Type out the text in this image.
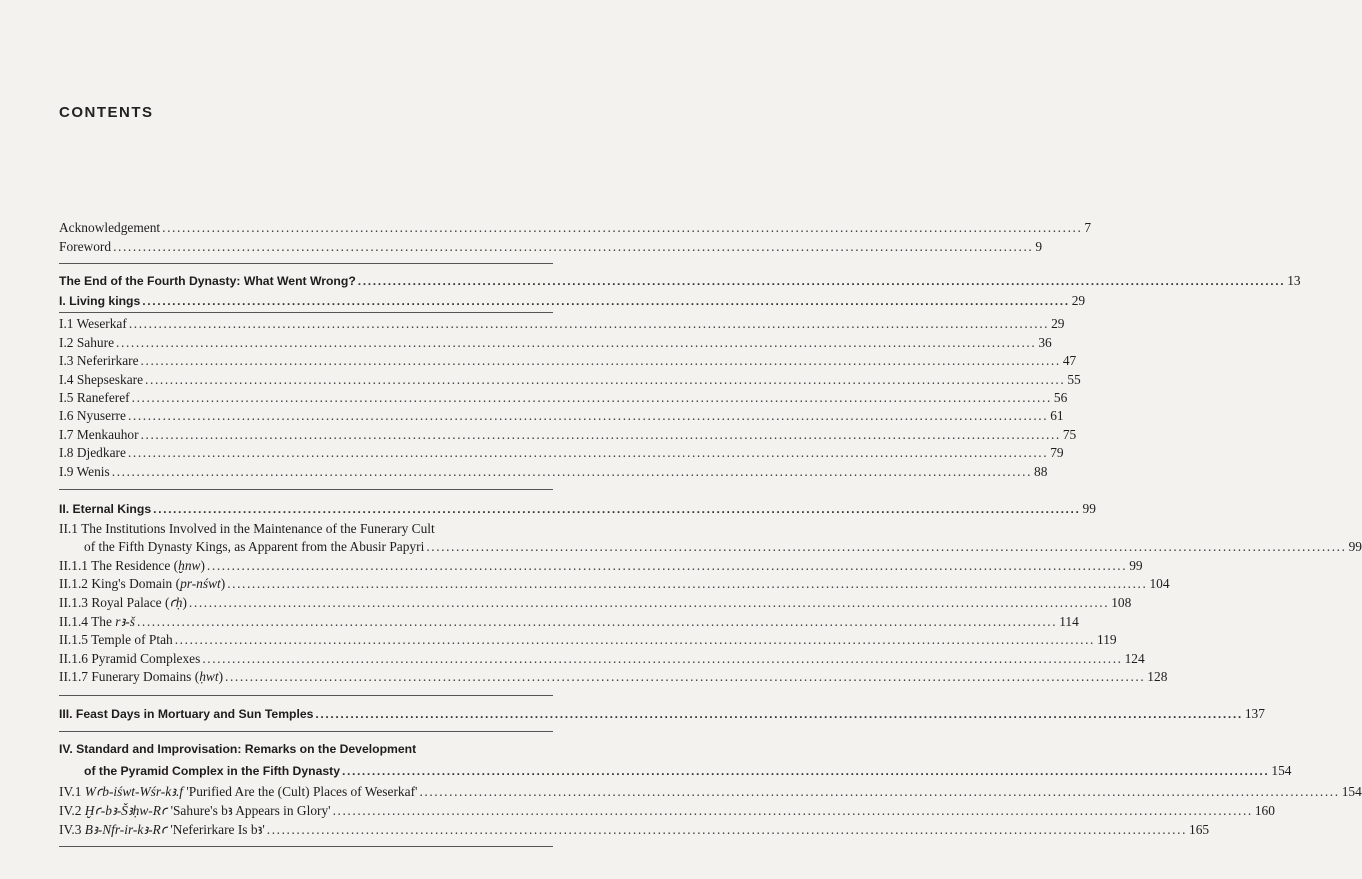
CONTENTS
Acknowledgement .....	7
Foreword .....	9
The End of the Fourth Dynasty: What Went Wrong? .....	13
I. Living kings .....	29
I.1 Weserkaf .....	29
I.2 Sahure .....	36
I.3 Neferirkare .....	47
I.4 Shepseskare .....	55
I.5 Raneferef .....	56
I.6 Nyuserre .....	61
I.7 Menkauhor .....	75
I.8 Djedkare .....	79
I.9 Wenis .....	88
II. Eternal Kings .....	99
II.1 The Institutions Involved in the Maintenance of the Funerary Cult
of the Fifth Dynasty Kings, as Apparent from the Abusir Papyri .....	99
II.1.1 The Residence (ḫnw) .....	99
II.1.2 King's Domain (pr-nśwt) .....	104
II.1.3 Royal Palace (ꜥḥ) .....	108
II.1.4 The rꜣ-š .....	114
II.1.5 Temple of Ptah .....	119
II.1.6 Pyramid Complexes .....	124
II.1.7 Funerary Domains (ḥwt) .....	128
III. Feast Days in Mortuary and Sun Temples .....	137
IV. Standard and Improvisation: Remarks on the Development
of the Pyramid Complex in the Fifth Dynasty .....	154
IV.1 Wꜥb-iśwt-Wśr-kꜣ.f 'Purified Are the (Cult) Places of Weserkaf' .....	154
IV.2 Ḫꜥ-bꜣ-Šꜣḥw-Rꜥ 'Sahure's bꜣ Appears in Glory' .....	160
IV.3 Bꜣ-Nfr-ir-kꜣ-Rꜥ 'Neferirkare Is bꜣ' .....	165
